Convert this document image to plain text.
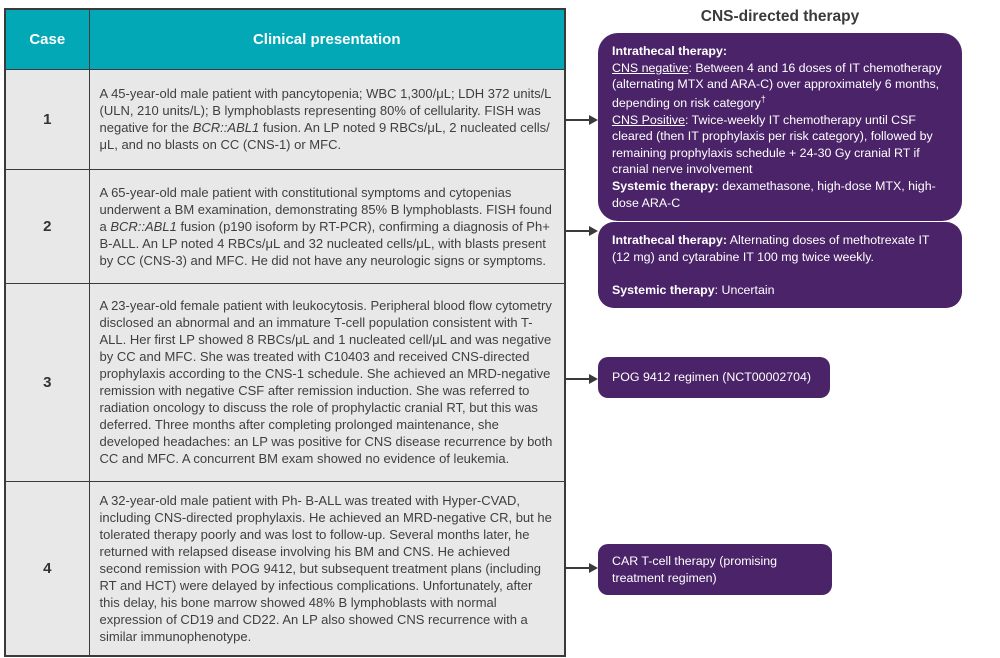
Case	Clinical presentation
1	A 45-year-old male patient with pancytopenia; WBC 1,300/μL; LDH 372 units/L (ULN, 210 units/L); B lymphoblasts representing 80% of cellularity. FISH was negative for the BCR::ABL1 fusion. An LP noted 9 RBCs/μL, 2 nucleated cells/μL, and no blasts on CC (CNS-1) or MFC.
2	A 65-year-old male patient with constitutional symptoms and cytopenias underwent a BM examination, demonstrating 85% B lymphoblasts. FISH found a BCR::ABL1 fusion (p190 isoform by RT-PCR), confirming a diagnosis of Ph+ B-ALL. An LP noted 4 RBCs/μL and 32 nucleated cells/μL, with blasts present by CC (CNS-3) and MFC. He did not have any neurologic signs or symptoms.
3	A 23-year-old female patient with leukocytosis. Peripheral blood flow cytometry disclosed an abnormal and an immature T-cell population consistent with T-ALL. Her first LP showed 8 RBCs/μL and 1 nucleated cell/μL and was negative by CC and MFC. She was treated with C10403 and received CNS-directed prophylaxis according to the CNS-1 schedule. She achieved an MRD-negative remission with negative CSF after remission induction. She was referred to radiation oncology to discuss the role of prophylactic cranial RT, but this was deferred. Three months after completing prolonged maintenance, she developed headaches: an LP was positive for CNS disease recurrence by both CC and MFC. A concurrent BM exam showed no evidence of leukemia.
4	A 32-year-old male patient with Ph- B-ALL was treated with Hyper-CVAD, including CNS-directed prophylaxis. He achieved an MRD-negative CR, but he tolerated therapy poorly and was lost to follow-up. Several months later, he returned with relapsed disease involving his BM and CNS. He achieved second remission with POG 9412, but subsequent treatment plans (including RT and HCT) were delayed by infectious complications. Unfortunately, after this delay, his bone marrow showed 48% B lymphoblasts with normal expression of CD19 and CD22. An LP also showed CNS recurrence with a similar immunophenotype.
CNS-directed therapy
Intrathecal therapy:
CNS negative: Between 4 and 16 doses of IT chemotherapy (alternating MTX and ARA-C) over approximately 6 months, depending on risk category†
CNS Positive: Twice-weekly IT chemotherapy until CSF cleared (then IT prophylaxis per risk category), followed by remaining prophylaxis schedule + 24-30 Gy cranial RT if cranial nerve involvement
Systemic therapy: dexamethasone, high-dose MTX, high-dose ARA-C
Intrathecal therapy: Alternating doses of methotrexate IT (12 mg) and cytarabine IT 100 mg twice weekly.

Systemic therapy: Uncertain
POG 9412 regimen (NCT00002704)
CAR T-cell therapy (promising treatment regimen)
